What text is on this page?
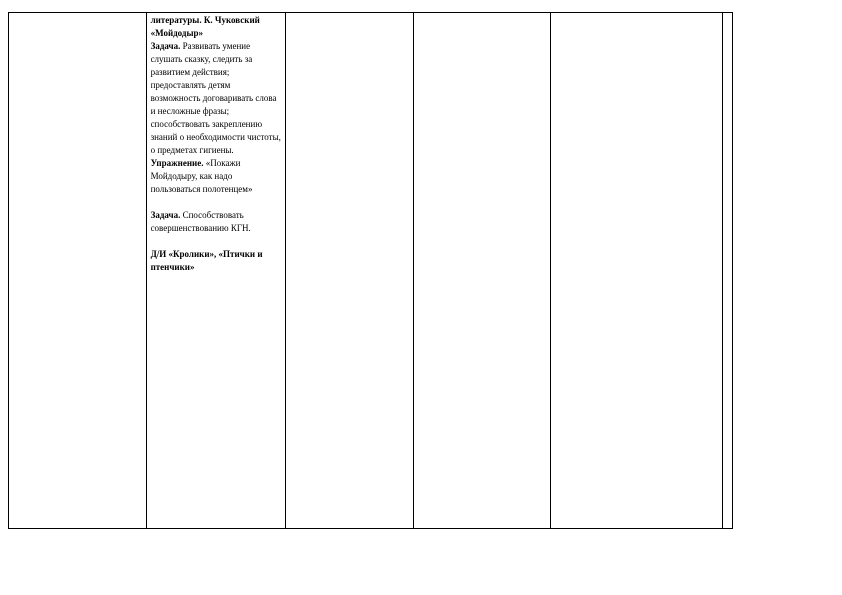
литературы. К. Чуковский «Мойдодыр»

Задача. Развивать умение слушать сказку, следить за развитием действия; предоставлять детям возможность договаривать слова и несложные фразы; способствовать закреплению знаний о необходимости чистоты, о предметах гигиены.

Упражнение. «Покажи Мойдодыру, как надо пользоваться полотенцем»

Задача. Способствовать совершенствованию КГН.

Д/И «Кролики», «Птички и птенчики»
